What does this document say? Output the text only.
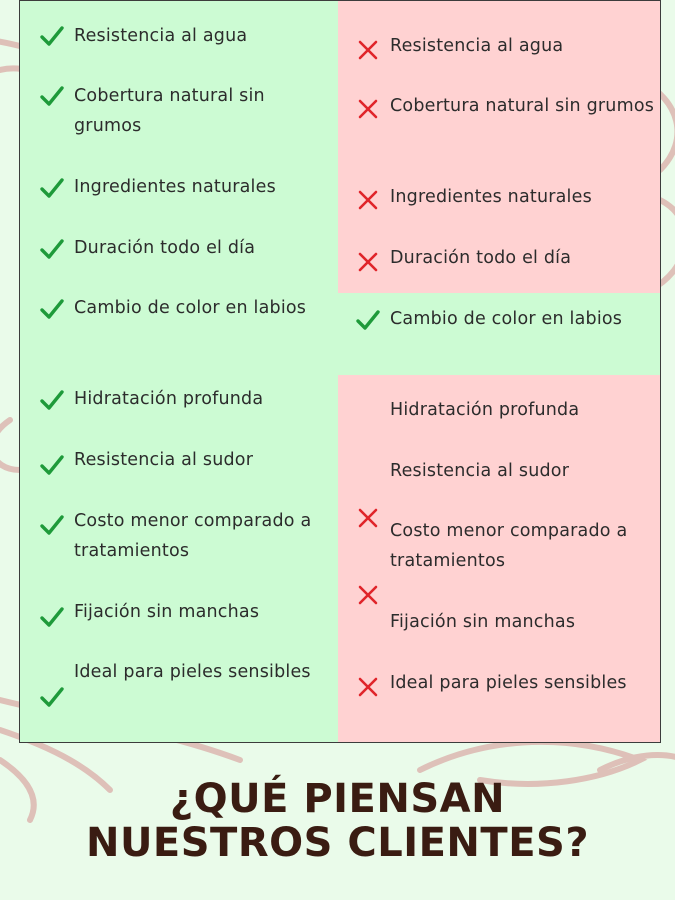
Resistencia al agua
Cobertura natural sin grumos
Ingredientes naturales
Duración todo el día
Cambio de color en labios
Hidratación profunda
Resistencia al sudor
Costo menor comparado a tratamientos
Fijación sin manchas
Ideal para pieles sensibles
Resistencia al agua
Cobertura natural sin grumos
Ingredientes naturales
Duración todo el día
Cambio de color en labios
Hidratación profunda
Resistencia al sudor
Costo menor comparado a tratamientos
Fijación sin manchas
Ideal para pieles sensibles
¿QUÉ PIENSAN
NUESTROS CLIENTES?
